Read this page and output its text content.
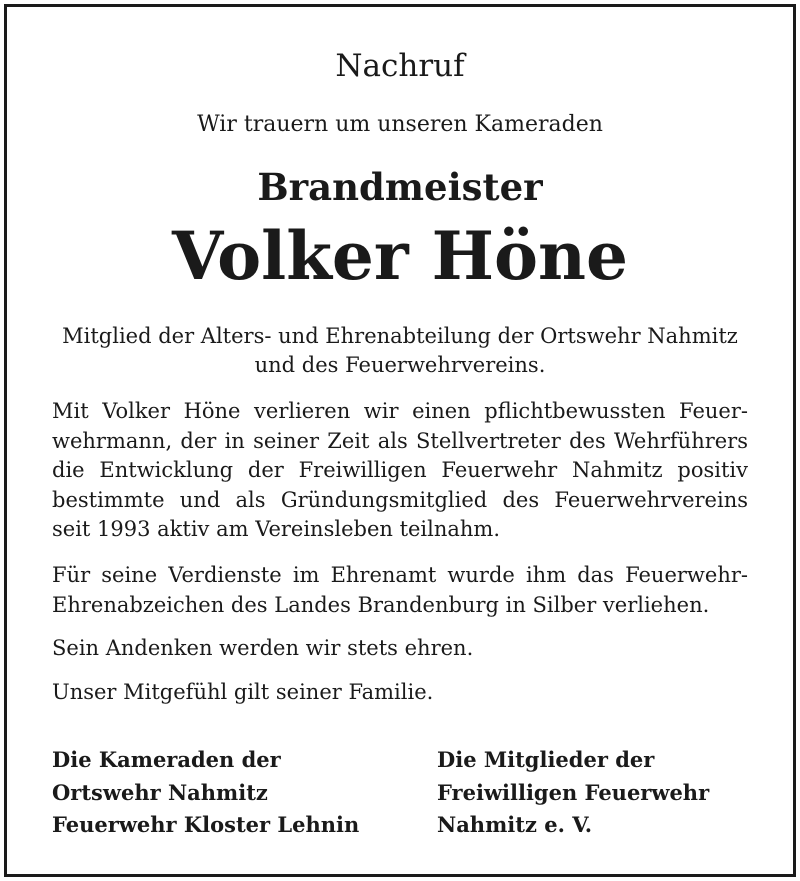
Nachruf

Wir trauern um unseren Kameraden

Brandmeister

Volker Höne

Mitglied der Alters- und Ehrenabteilung der Ortswehr Nahmitz
und des Feuerwehrvereins.

Mit Volker Höne verlieren wir einen pflichtbewussten Feuerwehrmann, der in seiner Zeit als Stellvertreter des Wehrführers die Entwicklung der Freiwilligen Feuerwehr Nahmitz positiv bestimmte und als Gründungsmitglied des Feuerwehrvereins seit 1993 aktiv am Vereinsleben teilnahm.

Für seine Verdienste im Ehrenamt wurde ihm das Feuerwehr-Ehrenabzeichen des Landes Brandenburg in Silber verliehen.

Sein Andenken werden wir stets ehren.

Unser Mitgefühl gilt seiner Familie.

Die Kameraden der
Ortswehr Nahmitz
Feuerwehr Kloster Lehnin

Die Mitglieder der
Freiwilligen Feuerwehr
Nahmitz e. V.
